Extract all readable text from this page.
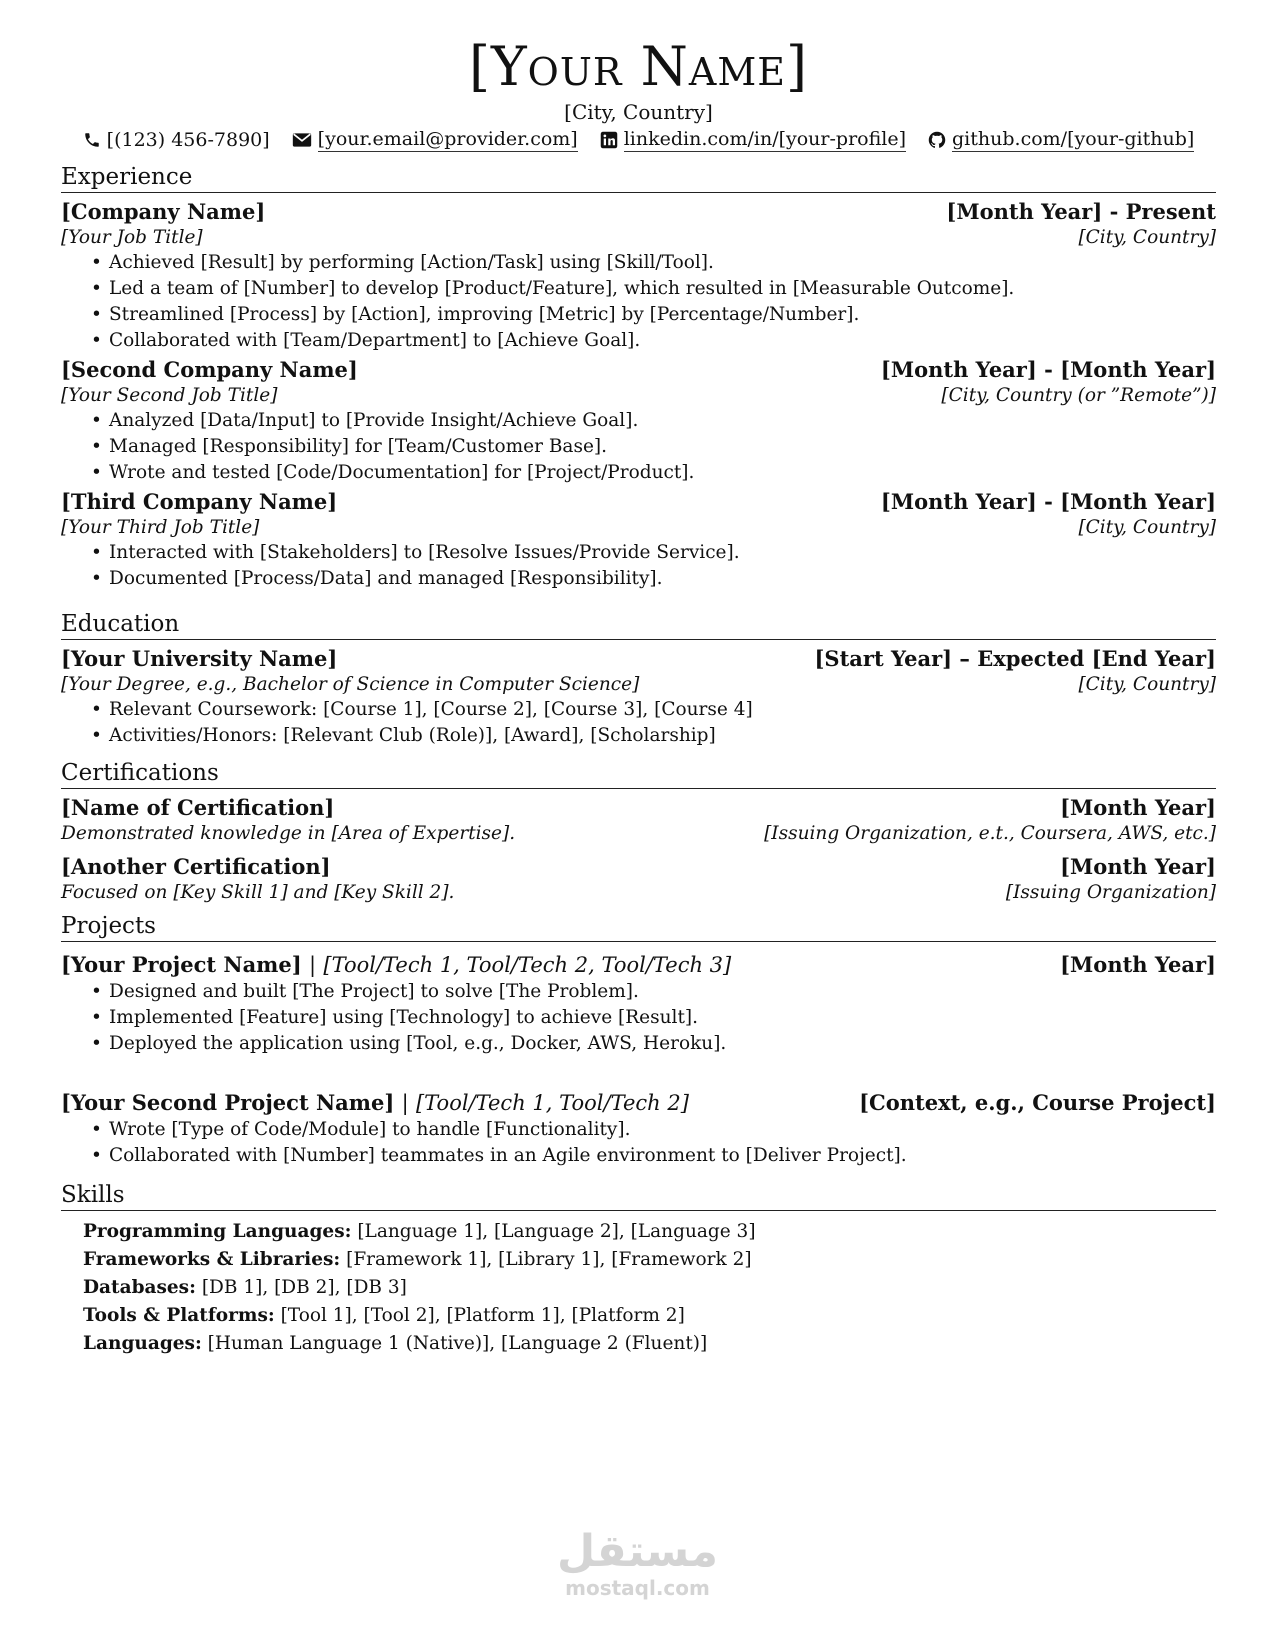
[Your Name]
[City, Country]
[(123) 456-7890]	[your.email@provider.com] linkedin.com/in/[your-profile] github.com/[your-github]
Experience
[Company Name]	[Month Year] - Present
[Your Job Title]	[City, Country]
• Achieved [Result] by performing [Action/Task] using [Skill/Tool].
• Led a team of [Number] to develop [Product/Feature], which resulted in [Measurable Outcome].
• Streamlined [Process] by [Action], improving [Metric] by [Percentage/Number].
• Collaborated with [Team/Department] to [Achieve Goal].
[Second Company Name]	[Month Year] - [Month Year]
[Your Second Job Title]	[City, Country (or ”Remote”)]
• Analyzed [Data/Input] to [Provide Insight/Achieve Goal].
• Managed [Responsibility] for [Team/Customer Base].
• Wrote and tested [Code/Documentation] for [Project/Product].
[Third Company Name]	[Month Year] - [Month Year]
[Your Third Job Title]	[City, Country]
• Interacted with [Stakeholders] to [Resolve Issues/Provide Service].
• Documented [Process/Data] and managed [Responsibility].
Education
[Your University Name]	[Start Year] – Expected [End Year]
[Your Degree, e.g., Bachelor of Science in Computer Science]	[City, Country]
• Relevant Coursework: [Course 1], [Course 2], [Course 3], [Course 4]
• Activities/Honors: [Relevant Club (Role)], [Award], [Scholarship]
Certifications
[Name of Certification]	[Month Year]
Demonstrated knowledge in [Area of Expertise].	[Issuing Organization, e.t., Coursera, AWS, etc.]
[Another Certification]	[Month Year]
Focused on [Key Skill 1] and [Key Skill 2].	[Issuing Organization]
Projects
[Your Project Name] | [Tool/Tech 1, Tool/Tech 2, Tool/Tech 3]	[Month Year]
• Designed and built [The Project] to solve [The Problem].
• Implemented [Feature] using [Technology] to achieve [Result].
• Deployed the application using [Tool, e.g., Docker, AWS, Heroku].
[Your Second Project Name] | [Tool/Tech 1, Tool/Tech 2]	[Context, e.g., Course Project]
• Wrote [Type of Code/Module] to handle [Functionality].
• Collaborated with [Number] teammates in an Agile environment to [Deliver Project].
Skills
Programming Languages: [Language 1], [Language 2], [Language 3]
Frameworks & Libraries: [Framework 1], [Library 1], [Framework 2]
Databases: [DB 1], [DB 2], [DB 3]
Tools & Platforms: [Tool 1], [Tool 2], [Platform 1], [Platform 2]
Languages: [Human Language 1 (Native)], [Language 2 (Fluent)]
مستقل
mostaql.com
